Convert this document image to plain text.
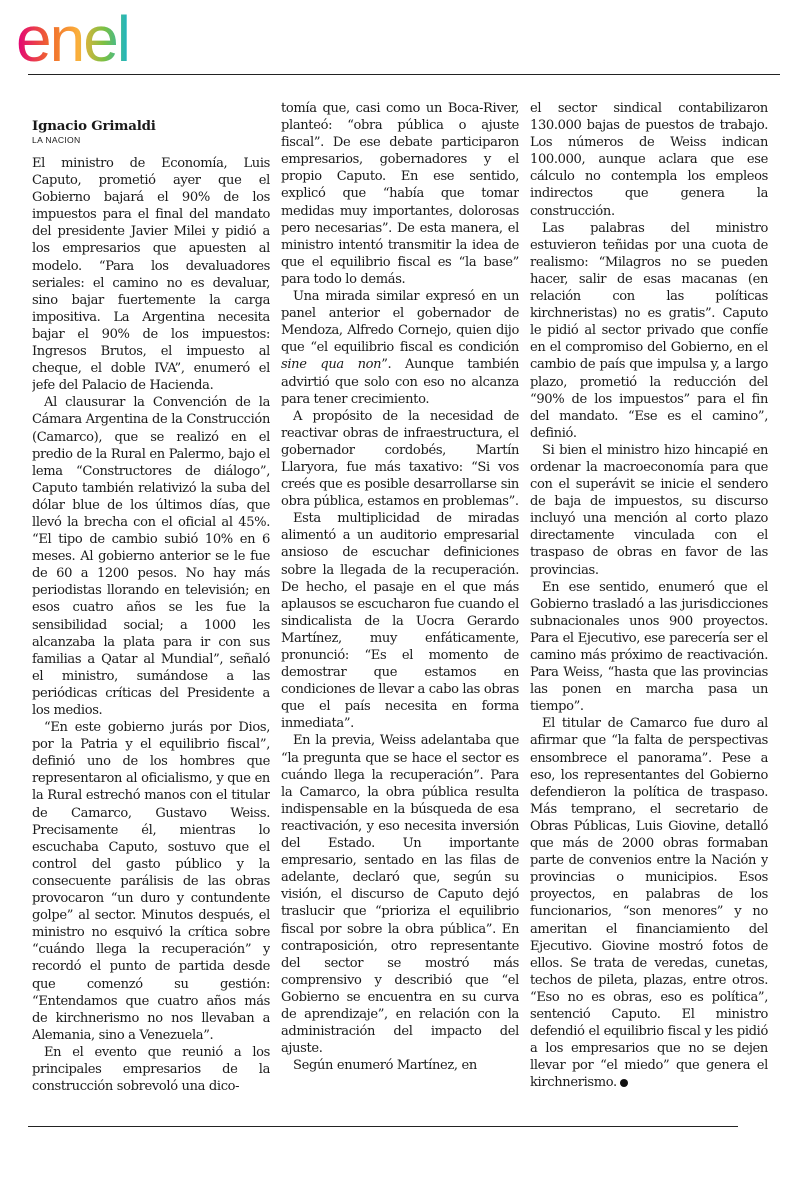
enel
Ignacio Grimaldi
LA NACION

El ministro de Economía, Luis Caputo, prometió ayer que el Gobierno bajará el 90% de los impuestos para el final del mandato del presidente Javier Milei y pidió a los empresarios que apuesten al modelo. “Para los devaluadores seriales: el camino no es devaluar, sino bajar fuertemente la carga impositiva. La Argentina necesita bajar el 90% de los impuestos: Ingresos Brutos, el impuesto al cheque, el doble IVA”, enumeró el jefe del Palacio de Hacienda.

Al clausurar la Convención de la Cámara Argentina de la Construcción (Camarco), que se realizó en el predio de la Rural en Palermo, bajo el lema “Constructores de diálogo”, Caputo también relativizó la suba del dólar blue de los últimos días, que llevó la brecha con el oficial al 45%. “El tipo de cambio subió 10% en 6 meses. Al gobierno anterior se le fue de 60 a 1200 pesos. No hay más periodistas llorando en televisión; en esos cuatro años se les fue la sensibilidad social; a 1000 les alcanzaba la plata para ir con sus familias a Qatar al Mundial”, señaló el ministro, sumándose a las periódicas críticas del Presidente a los medios.

“En este gobierno jurás por Dios, por la Patria y el equilibrio fiscal”, definió uno de los hombres que representaron al oficialismo, y que en la Rural estrechó manos con el titular de Camarco, Gustavo Weiss. Precisamente él, mientras lo escuchaba Caputo, sostuvo que el control del gasto público y la consecuente parálisis de las obras provocaron “un duro y contundente golpe” al sector. Minutos después, el ministro no esquivó la crítica sobre “cuándo llega la recuperación” y recordó el punto de partida desde que comenzó su gestión: “Entendamos que cuatro años más de kirchnerismo no nos llevaban a Alemania, sino a Venezuela”.

En el evento que reunió a los principales empresarios de la construcción sobrevoló una dico-

tomía que, casi como un Boca-River, planteó: “obra pública o ajuste fiscal”. De ese debate participaron empresarios, gobernadores y el propio Caputo. En ese sentido, explicó que “había que tomar medidas muy importantes, dolorosas pero necesarias”. De esta manera, el ministro intentó transmitir la idea de que el equilibrio fiscal es “la base” para todo lo demás.

Una mirada similar expresó en un panel anterior el gobernador de Mendoza, Alfredo Cornejo, quien dijo que “el equilibrio fiscal es condición sine qua non”. Aunque también advirtió que solo con eso no alcanza para tener crecimiento.

A propósito de la necesidad de reactivar obras de infraestructura, el gobernador cordobés, Martín Llaryora, fue más taxativo: “Si vos creés que es posible desarrollarse sin obra pública, estamos en problemas”.

Esta multiplicidad de miradas alimentó a un auditorio empresarial ansioso de escuchar definiciones sobre la llegada de la recuperación. De hecho, el pasaje en el que más aplausos se escucharon fue cuando el sindicalista de la Uocra Gerardo Martínez, muy enfáticamente, pronunció: “Es el momento de demostrar que estamos en condiciones de llevar a cabo las obras que el país necesita en forma inmediata”.

En la previa, Weiss adelantaba que “la pregunta que se hace el sector es cuándo llega la recuperación”. Para la Camarco, la obra pública resulta indispensable en la búsqueda de esa reactivación, y eso necesita inversión del Estado. Un importante empresario, sentado en las filas de adelante, declaró que, según su visión, el discurso de Caputo dejó traslucir que “prioriza el equilibrio fiscal por sobre la obra pública”. En contraposición, otro representante del sector se mostró más comprensivo y describió que “el Gobierno se encuentra en su curva de aprendizaje”, en relación con la administración del impacto del ajuste.

Según enumeró Martínez, en

el sector sindical contabilizaron 130.000 bajas de puestos de trabajo. Los números de Weiss indican 100.000, aunque aclara que ese cálculo no contempla los empleos indirectos que genera la construcción.

Las palabras del ministro estuvieron teñidas por una cuota de realismo: “Milagros no se pueden hacer, salir de esas macanas (en relación con las políticas kirchneristas) no es gratis”. Caputo le pidió al sector privado que confíe en el compromiso del Gobierno, en el cambio de país que impulsa y, a largo plazo, prometió la reducción del “90% de los impuestos” para el fin del mandato. “Ese es el camino”, definió.

Si bien el ministro hizo hincapié en ordenar la macroeconomía para que con el superávit se inicie el sendero de baja de impuestos, su discurso incluyó una mención al corto plazo directamente vinculada con el traspaso de obras en favor de las provincias.

En ese sentido, enumeró que el Gobierno trasladó a las jurisdicciones subnacionales unos 900 proyectos. Para el Ejecutivo, ese parecería ser el camino más próximo de reactivación. Para Weiss, “hasta que las provincias las ponen en marcha pasa un tiempo”.

El titular de Camarco fue duro al afirmar que “la falta de perspectivas ensombrece el panorama”. Pese a eso, los representantes del Gobierno defendieron la política de traspaso. Más temprano, el secretario de Obras Públicas, Luis Giovine, detalló que más de 2000 obras formaban parte de convenios entre la Nación y provincias o municipios. Esos proyectos, en palabras de los funcionarios, “son menores” y no ameritan el financiamiento del Ejecutivo. Giovine mostró fotos de ellos. Se trata de veredas, cunetas, techos de pileta, plazas, entre otros. “Eso no es obras, eso es política”, sentenció Caputo. El ministro defendió el equilibrio fiscal y les pidió a los empresarios que no se dejen llevar por “el miedo” que genera el kirchnerismo.
